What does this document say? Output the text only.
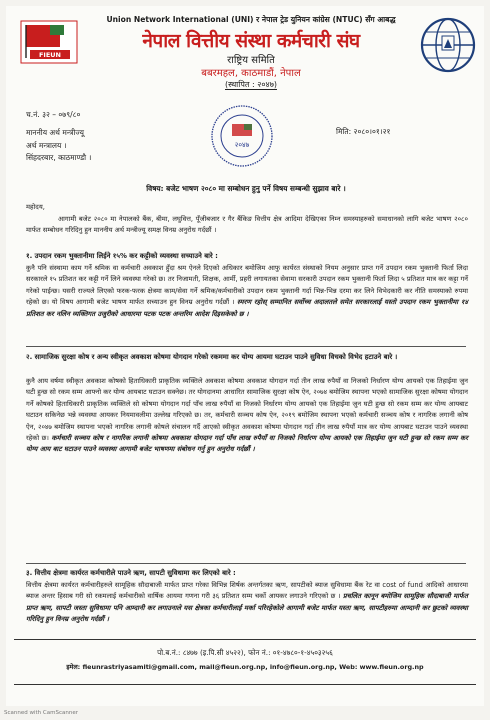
FIEUN
Union Network International (UNI) र नेपाल ट्रेड युनियन कांग्रेस (NTUC) सँग आबद्ध
नेपाल वित्तीय संस्था कर्मचारी संघ
राष्ट्रिय समिति
बबरमहल, काठमाडौं, नेपाल
(स्थापित : २०४७)
२०४७
च.नं. ३२ – ०७९/८०
मिति: २०८०।०१।२१
माननीय अर्थ मन्त्रीज्यू
अर्थ मन्त्रालय ।
सिंहदरबार, काठमाण्डौ ।
विषय: बजेट भाषण २०८० मा सम्बोधन हुनु पर्ने विषय सम्बन्धी सुझाव बारे ।
महोदय,
आगामी बजेट २०८० मा नेपालको बैंक, बीमा, लघुवित्त, पूँजीबजार र गैर बैंकिङ वित्तीय क्षेत्र आदिमा देखिएका निम्न समस्याहरुको समाधानको लागि बजेट भाषण २०८० मार्फत सम्बोधन गरिदिनु हुन माननीय अर्थ मन्त्रीज्यू समक्ष विनम्र अनुरोध गर्दछौं ।
१. उपदान रकम भुक्तानीमा लिईने १५% कर कट्टीको व्यवस्था सच्याउने बारे :
कुनै पनि संस्थामा काम गर्ने श्रमिक वा कर्मचारी अवकाश हुँदा श्रम ऐनले दिएको अधिकार बमोजिम आफु कार्यरत संस्थाको नियम अनुसार प्राप्त गर्ने उपदान रकम भुक्तानी फिर्ता लिदा सरकारले १५ प्रतिशत कर कट्टी गर्ने लिने व्यवस्था गरेको छ। तर निजामती, शिक्षक, आर्मी, प्रहरी लगायतका सेवामा सरकारी उपदान रकम भुक्तानी फिर्ता लिदा ५ प्रतिशत मात्र कर कट्टा गर्ने गरेको पाईन्छ। यसरी राज्यले लिएको फरक-फरक क्षेत्रमा काम/सेवा गर्ने श्रमिक/कर्मचारीको उपदान रकम भुक्तानी गर्दा भिन्न-भिन्न दरमा कर लिने विभेदकारी कर नीति समस्याको रुपमा रहेको छ। यो विषय आगामी बजेट भाषण मार्फत सच्याउन हुन विनम्र अनुरोध गर्दछौं । स्मरण रहोस् सम्मानित सर्वोच्च अदालतले समेत सरकारलाई यस्तो उपदान रकम भुक्तानीमा १४ प्रतिशत कर नलिन व्यक्तिगत उजुरीको आधारमा पटक पटक अन्तरिम आदेश दिइसकेको छ ।
२. सामाजिक सुरक्षा कोष र अन्य स्वीकृत अवकाश कोषमा योगदान गरेको रकममा कर योग्य आयमा घटाउन पाउने सुविधा विचको विभेद हटाउने बारे ।
कुनै आय वर्षमा स्वीकृत अवकाश कोषको हिताधिकारी प्राकृतिक व्यक्तिले अवकाश कोषमा अवकाश योगदान गर्दा तीन लाख रुपैयाँ वा निजको निर्धारण योग्य आयको एक तिहाईमा जुन घटी हुन्छ सो रकम सम्म आफ्नो कर योग्य आयबाट घटाउन सक्नेछ। तर योगदानमा आधारित सामाजिक सुरक्षा कोष ऐन, २०७४ बमोजिम स्थापना भएको सामाजिक सुरक्षा कोषमा योगदान गर्ने कोषको हिताधिकारी प्राकृतिक व्यक्तिले सो कोषमा योगदान गर्दा पाँच लाख रुपैयाँ वा निजको निर्धारण योग्य आयको एक तिहाईमा जुन घटी हुन्छ सो रकम सम्म कर योग्य आयबाट घटाउन सकिनेछ भन्ने व्यवस्था आयकर नियमावलीमा उल्लेख गरिएको छ। तर, कर्मचारी सञ्चय कोष ऐन, २०१९ बमोजिम स्थापना भएको कर्मचारी सञ्चय कोष र नागरिक लगानी कोष ऐन, २०४७ बमोजिम स्थापना भएको नागरिक लगानी कोषले संचालन गर्दै आएको स्वीकृत अवकाश कोषमा योगदान गर्दा तीन लाख रुपैयाँ मात्र कर योग्य आयबाट घटाउन पाउने व्यवस्था रहेको छ। कर्मचारी सञ्चय कोष र नागरिक लगानी कोषमा अवकाश योगदान गर्दा पाँच लाख रुपैयाँ वा निजको निर्धारण योग्य आयको एक तिहाईमा जुन घटी हुन्छ सो रकम सम्म कर योग्य आय बाट घटाउन पाउने व्यवस्था आगामी बजेट भाषणमा संबोधन गर्नु हुन अनुरोध गर्दछौं ।
३. वित्तीय क्षेत्रमा कार्यरत कर्मचारीले पाउने ऋण, सापटी सुविधामा कर लिएको बारे :
वित्तीय क्षेत्रमा कार्यरत कर्मचारीहरुले सामूहिक सौदाबाजी मार्फत प्राप्त गरेका विभिन्न शिर्षक अन्तर्गतका ऋण, सापटीको ब्याज सुविधामा बैंक रेट वा cost of fund आदिको आधारमा ब्याज अन्तर हिसाब गरी सो रकमलाई कर्मचारीको वार्षिक आयमा गणना गरी ३६ प्रतिशत सम्म चर्को आयकर लगाउने गरिएको छ । प्रचलित कानून बमोजिम सामूहिक सौदाबाजी मार्फत प्राप्त ऋण, सापटी जस्ता सुविधामा पनि आम्दानी कर लगाउनाले यस क्षेत्रका कर्मचारीलाई मर्का परिरहेकोले आगामी बजेट मार्फत यस्ता ऋण, सापटीहरुमा आम्दानी कर छुटको व्यवस्था गरिदिनु हुन विनम्र अनुरोध गर्दछौं ।
पो.ब.नं.: ८४७७ (इ.पि.सी ४५२२), फोन नं.: ०१-४७८०-१-४५०३२५६
इमेल: fieunrastriyasamiti@gmail.com, mail@fieun.org.np, info@fieun.org.np, Web: www.fieun.org.np
Scanned with CamScanner
